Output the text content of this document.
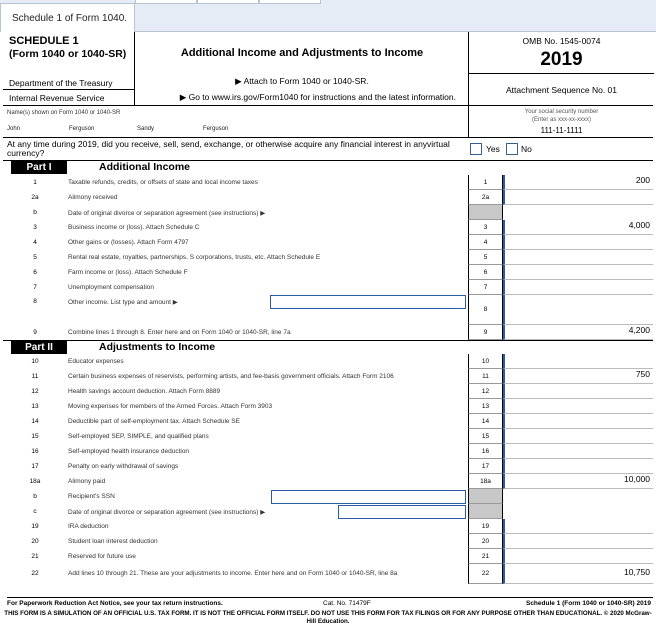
Schedule 1 of Form 1040.
SCHEDULE 1
(Form 1040 or 1040-SR)
Department of the Treasury
Internal Revenue Service
Additional Income and Adjustments to Income
▶ Attach to Form 1040 or 1040-SR.
▶ Go to www.irs.gov/Form1040 for instructions and the latest information.
OMB No. 1545-0074
2019
Attachment Sequence No. 01
Name(s) shown on Form 1040 or 1040-SR
John	Ferguson	Sandy	Ferguson
Your social security number
(Enter as xxx-xx-xxxx)
111-11-1111
At any time during 2019, did you receive, sell, send, exchange, or otherwise acquire any financial interest in anyvirtual currency?	Yes No
Part I	Additional Income
1	Taxable refunds, credits, or offsets of state and local income taxes	1	200
2a	Alimony received	2a
b	Date of original divorce or separation agreement (see instructions) ▶
3	Business income or (loss). Attach Schedule C	3	4,000
4	Other gains or (losses). Attach Form 4797	4
5	Rental real estate, royalties, partnerships, S corporations, trusts, etc. Attach Schedule E	5
6	Farm income or (loss). Attach Schedule F	6
7	Unemployment compensation	7
8	Other income. List type and amount ▶
8
9	Combine lines 1 through 8. Enter here and on Form 1040 or 1040-SR, line 7a	9	4,200
Part II	Adjustments to Income
10	Educator expenses	10
11	Certain business expenses of reservists, performing artists, and fee-basis government officials. Attach Form 2106	11	750
12	Health savings account deduction. Attach Form 8889	12
13	Moving expenses for members of the Armed Forces. Attach Form 3903	13
14	Deductible part of self-employment tax. Attach Schedule SE	14
15	Self-employed SEP, SIMPLE, and qualified plans	15
16	Self-employed health insurance deduction	16
17	Penalty on early withdrawal of savings	17
18a	Alimony paid	18a	10,000
b	Recipient's SSN
c	Date of original divorce or separation agreement (see instructions) ▶
19	IRA deduction	19
20	Student loan interest deduction	20
21	Reserved for future use	21
22	Add lines 10 through 21. These are your adjustments to income. Enter here and on Form 1040 or 1040-SR, line 8a	22	10,750
For Paperwork Reduction Act Notice, see your tax return instructions.	Cat. No. 71479F	Schedule 1 (Form 1040 or 1040-SR) 2019
THIS FORM IS A SIMULATION OF AN OFFICIAL U.S. TAX FORM. IT IS NOT THE OFFICIAL FORM ITSELF. DO NOT USE THIS FORM FOR TAX FILINGS OR FOR ANY PURPOSE OTHER THAN EDUCATIONAL. © 2020 McGraw-Hill Education.
